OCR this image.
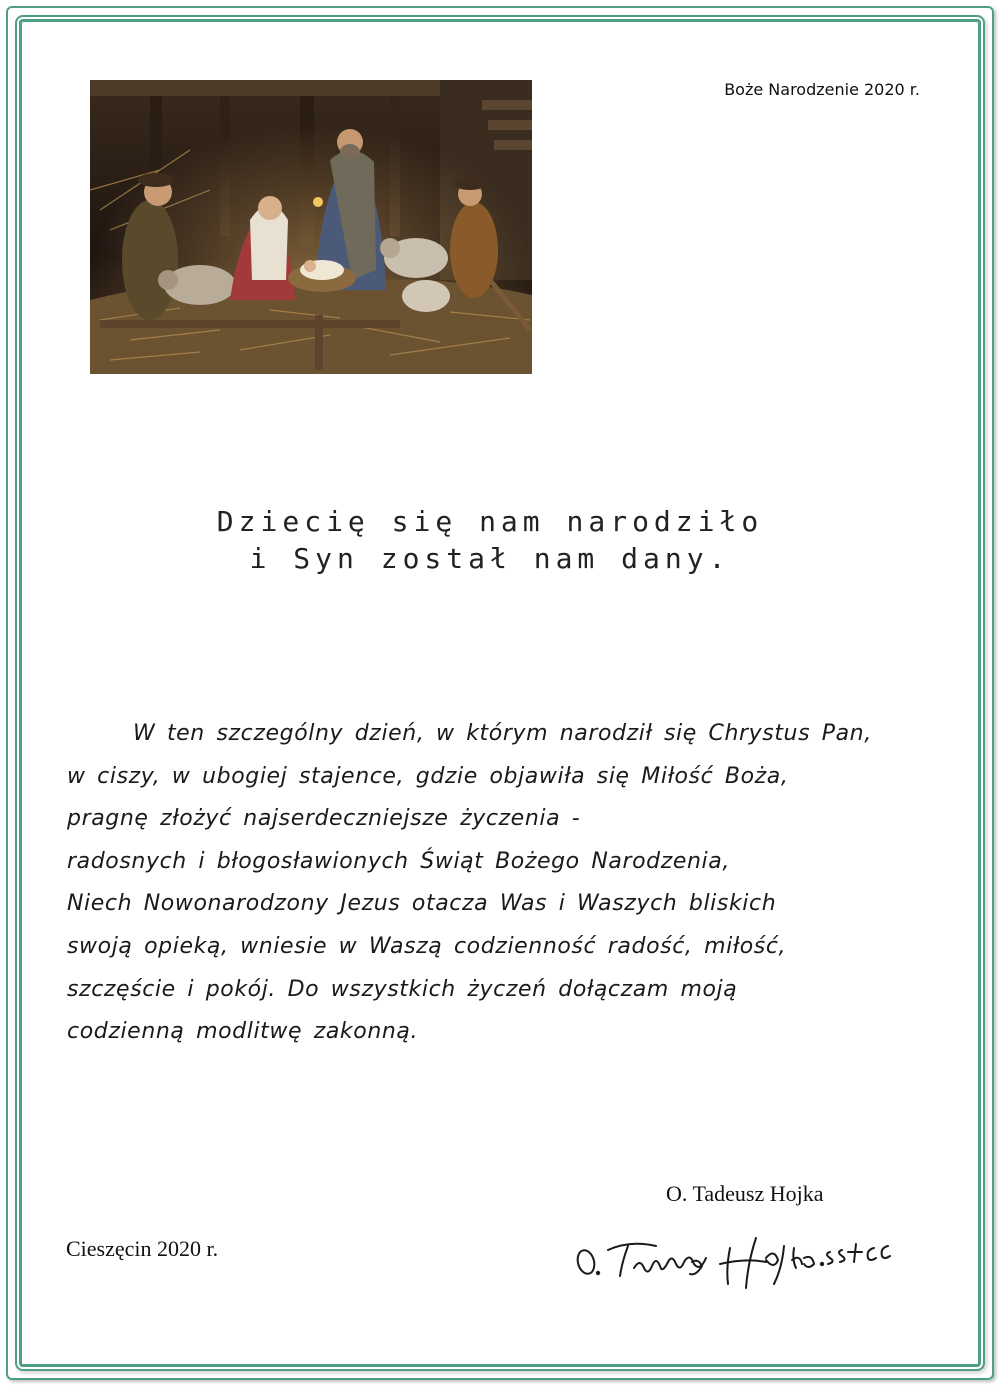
Boże Narodzenie 2020 r.
Dziecię się nam narodziło
i Syn został nam dany.
W ten szczególny dzień, w którym narodził się Chrystus Pan,
w ciszy, w ubogiej stajence, gdzie objawiła się Miłość Boża,
pragnę złożyć najserdeczniejsze życzenia -
radosnych i błogosławionych Świąt Bożego Narodzenia,
Niech Nowonarodzony Jezus otacza Was i Waszych bliskich
swoją opieką, wniesie w Waszą codzienność radość, miłość,
szczęście i pokój. Do wszystkich życzeń dołączam moją
codzienną modlitwę zakonną.
O. Tadeusz Hojka
Cieszęcin 2020 r.
